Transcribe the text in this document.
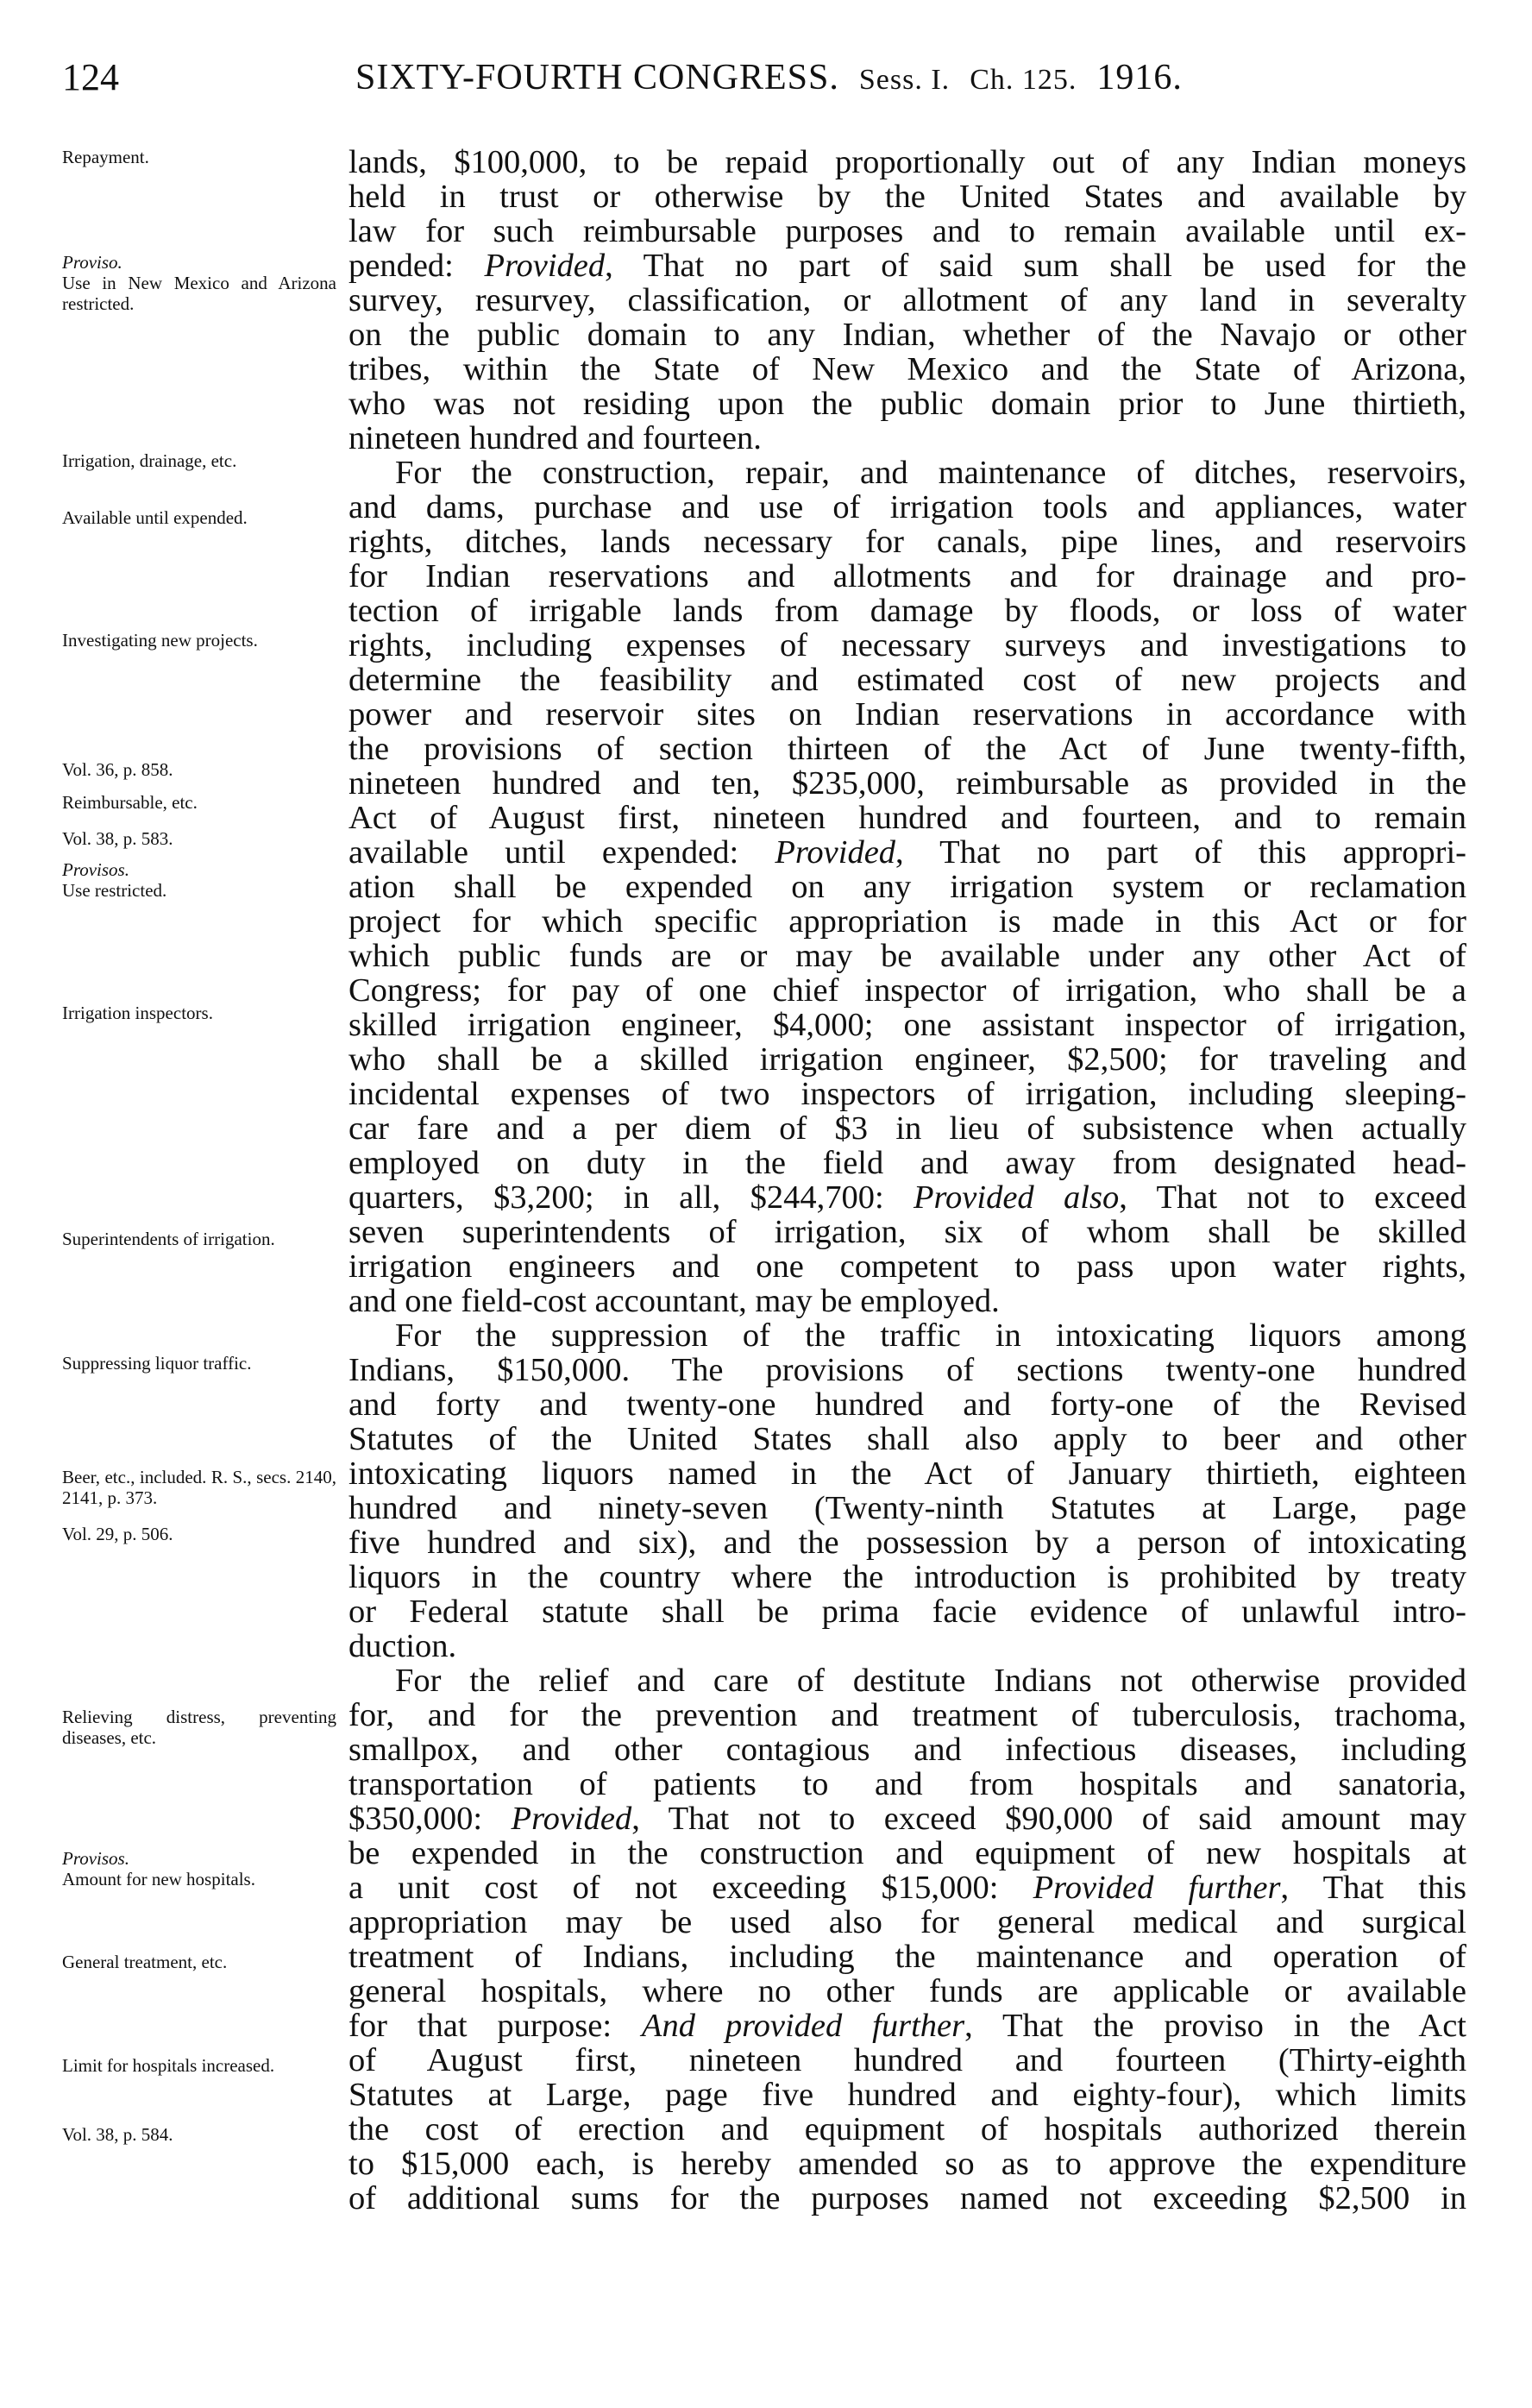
124	SIXTY-FOURTH CONGRESS. Sess. I. Ch. 125. 1916.
Repayment.
Proviso.
Use in New Mexico and Arizona restricted.
Irrigation, drainage, etc.
Available until expended.
Investigating new projects.
Vol. 36, p. 858.
Reimbursable, etc.
Vol. 38, p. 583.
Provisos.
Use restricted.
Irrigation inspectors.
Superintendents of irrigation.
Suppressing liquor traffic.
Beer, etc., included. R. S., secs. 2140, 2141, p. 373.
Vol. 29, p. 506.
Relieving distress, preventing diseases, etc.
Provisos.
Amount for new hospitals.
General treatment, etc.
Limit for hospitals increased.
Vol. 38, p. 584.
lands, $100,000, to be repaid proportionally out of any Indian moneys
held in trust or otherwise by the United States and available by
law for such reimbursable purposes and to remain available until ex-
pended: Provided, That no part of said sum shall be used for the
survey, resurvey, classification, or allotment of any land in severalty
on the public domain to any Indian, whether of the Navajo or other
tribes, within the State of New Mexico and the State of Arizona,
who was not residing upon the public domain prior to June thirtieth,
nineteen hundred and fourteen.
For the construction, repair, and maintenance of ditches, reservoirs,
and dams, purchase and use of irrigation tools and appliances, water
rights, ditches, lands necessary for canals, pipe lines, and reservoirs
for Indian reservations and allotments and for drainage and pro-
tection of irrigable lands from damage by floods, or loss of water
rights, including expenses of necessary surveys and investigations to
determine the feasibility and estimated cost of new projects and
power and reservoir sites on Indian reservations in accordance with
the provisions of section thirteen of the Act of June twenty-fifth,
nineteen hundred and ten, $235,000, reimbursable as provided in the
Act of August first, nineteen hundred and fourteen, and to remain
available until expended: Provided, That no part of this appropri-
ation shall be expended on any irrigation system or reclamation
project for which specific appropriation is made in this Act or for
which public funds are or may be available under any other Act of
Congress; for pay of one chief inspector of irrigation, who shall be a
skilled irrigation engineer, $4,000; one assistant inspector of irrigation,
who shall be a skilled irrigation engineer, $2,500; for traveling and
incidental expenses of two inspectors of irrigation, including sleeping-
car fare and a per diem of $3 in lieu of subsistence when actually
employed on duty in the field and away from designated head-
quarters, $3,200; in all, $244,700: Provided also, That not to exceed
seven superintendents of irrigation, six of whom shall be skilled
irrigation engineers and one competent to pass upon water rights,
and one field-cost accountant, may be employed.
For the suppression of the traffic in intoxicating liquors among
Indians, $150,000. The provisions of sections twenty-one hundred
and forty and twenty-one hundred and forty-one of the Revised
Statutes of the United States shall also apply to beer and other
intoxicating liquors named in the Act of January thirtieth, eighteen
hundred and ninety-seven (Twenty-ninth Statutes at Large, page
five hundred and six), and the possession by a person of intoxicating
liquors in the country where the introduction is prohibited by treaty
or Federal statute shall be prima facie evidence of unlawful intro-
duction.
For the relief and care of destitute Indians not otherwise provided
for, and for the prevention and treatment of tuberculosis, trachoma,
smallpox, and other contagious and infectious diseases, including
transportation of patients to and from hospitals and sanatoria,
$350,000: Provided, That not to exceed $90,000 of said amount may
be expended in the construction and equipment of new hospitals at
a unit cost of not exceeding $15,000: Provided further, That this
appropriation may be used also for general medical and surgical
treatment of Indians, including the maintenance and operation of
general hospitals, where no other funds are applicable or available
for that purpose: And provided further, That the proviso in the Act
of August first, nineteen hundred and fourteen (Thirty-eighth
Statutes at Large, page five hundred and eighty-four), which limits
the cost of erection and equipment of hospitals authorized therein
to $15,000 each, is hereby amended so as to approve the expenditure
of additional sums for the purposes named not exceeding $2,500 in
